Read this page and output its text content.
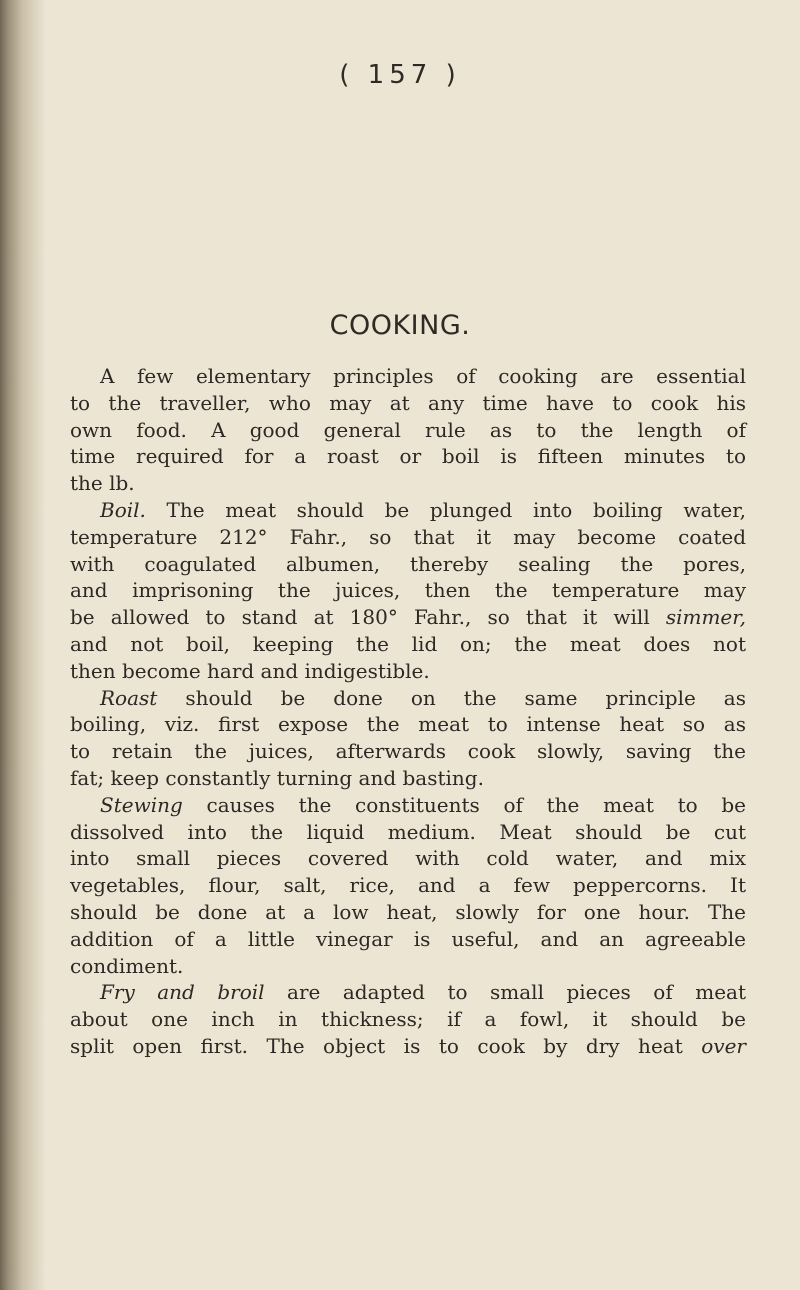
( 157 )
COOKING.
A few elementary principles of cooking are essential
to the traveller, who may at any time have to cook his
own food. A good general rule as to the length of
time required for a roast or boil is fifteen minutes to
the lb.
Boil. The meat should be plunged into boiling water,
temperature 212° Fahr., so that it may become coated
with coagulated albumen, thereby sealing the pores,
and imprisoning the juices, then the temperature may
be allowed to stand at 180° Fahr., so that it will simmer,
and not boil, keeping the lid on; the meat does not
then become hard and indigestible.
Roast should be done on the same principle as
boiling, viz. first expose the meat to intense heat so as
to retain the juices, afterwards cook slowly, saving the
fat; keep constantly turning and basting.
Stewing causes the constituents of the meat to be
dissolved into the liquid medium. Meat should be cut
into small pieces covered with cold water, and mix
vegetables, flour, salt, rice, and a few peppercorns. It
should be done at a low heat, slowly for one hour. The
addition of a little vinegar is useful, and an agreeable
condiment.
Fry and broil are adapted to small pieces of meat
about one inch in thickness; if a fowl, it should be
split open first. The object is to cook by dry heat over
